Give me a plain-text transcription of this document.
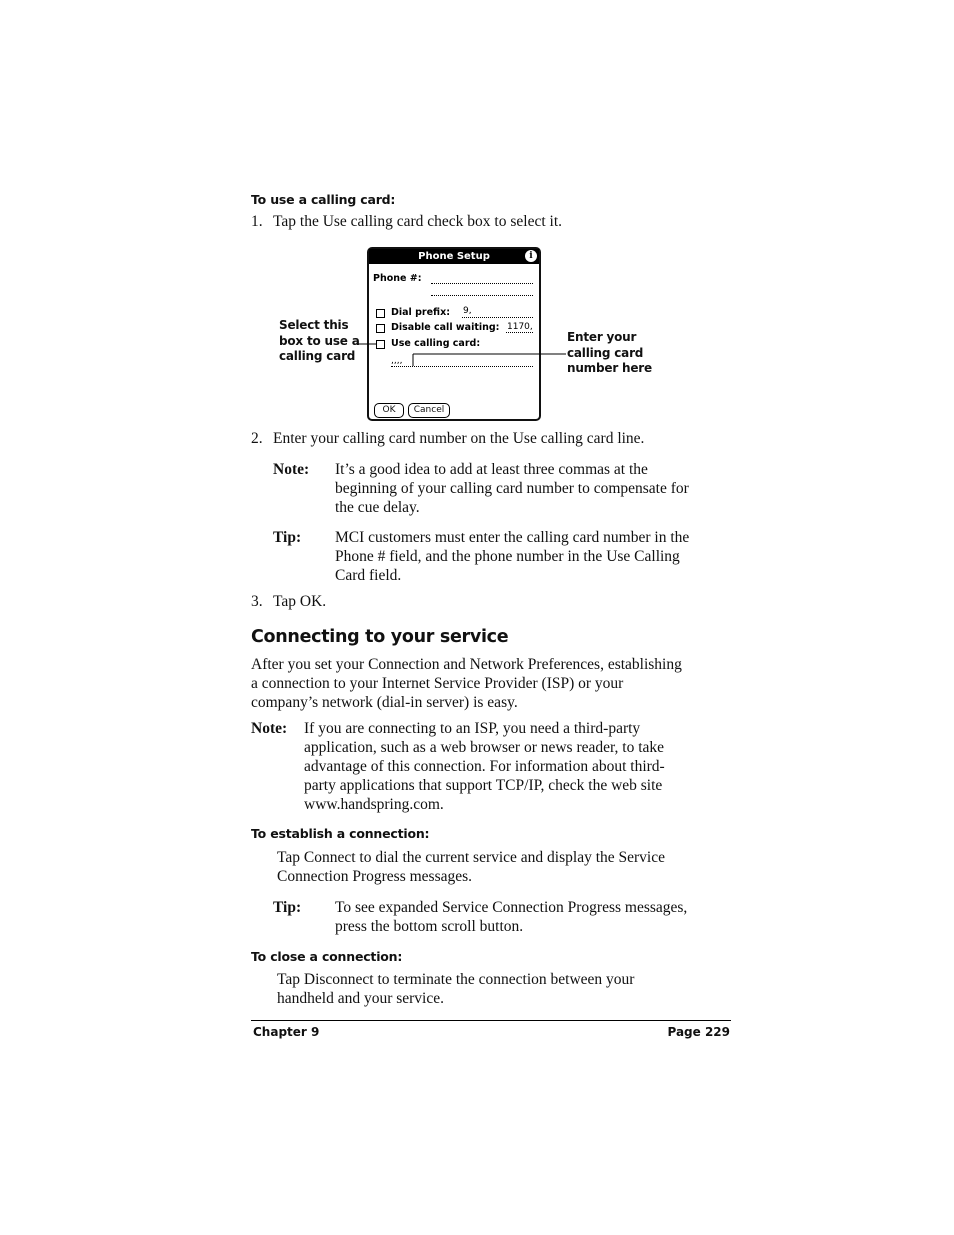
To use a calling card:
1. Tap the Use calling card check box to select it.
Phone Setup	i
Phone #:
Dial prefix: 9,
Disable call waiting: 1170,
Use calling card:
,,,,
OK	Cancel
Select this
box to use a
calling card
Enter your
calling card
number here
2. Enter your calling card number on the Use calling card line.
Note: It’s a good idea to add at least three commas at the
beginning of your calling card number to compensate for
the cue delay.
Tip: MCI customers must enter the calling card number in the
Phone # field, and the phone number in the Use Calling
Card field.
3. Tap OK.
Connecting to your service
After you set your Connection and Network Preferences, establishing
a connection to your Internet Service Provider (ISP) or your
company’s network (dial-in server) is easy.
Note: If you are connecting to an ISP, you need a third-party
application, such as a web browser or news reader, to take
advantage of this connection. For information about third-
party applications that support TCP/IP, check the web site
www.handspring.com.
To establish a connection:
Tap Connect to dial the current service and display the Service
Connection Progress messages.
Tip: To see expanded Service Connection Progress messages,
press the bottom scroll button.
To close a connection:
Tap Disconnect to terminate the connection between your
handheld and your service.
Chapter 9	Page 229
